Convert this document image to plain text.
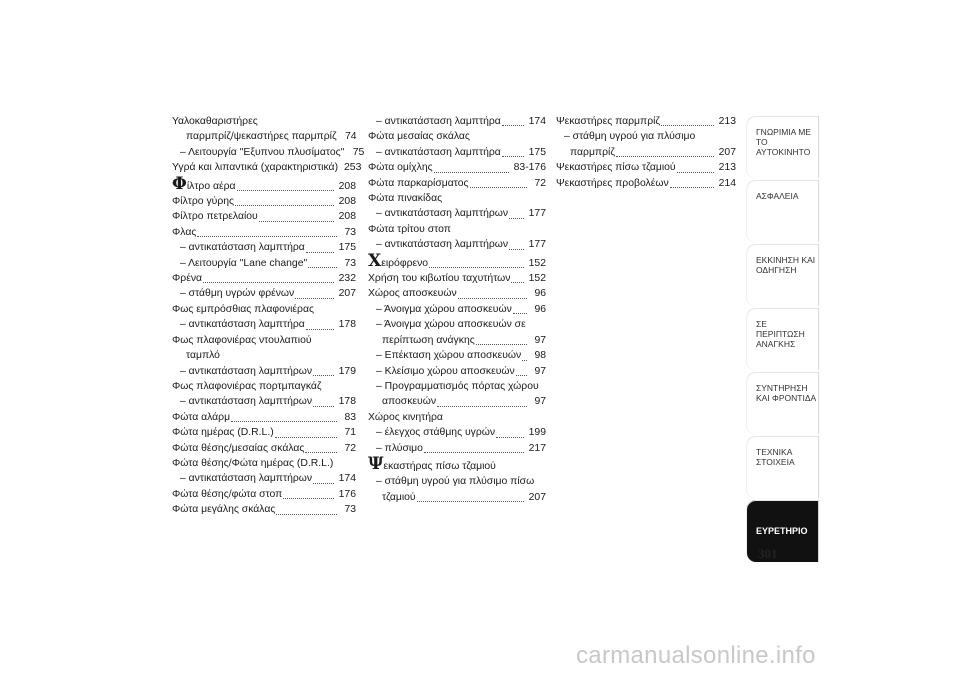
Υαλοκαθαριστήρες
παρμπρίζ/ψεκαστήρες παρμπρίζ 74
– Λειτουργία "Εξυπνου πλυσίματος" 75
Υγρά και λιπαντικά (χαρακτηριστικά) 253
Φίλτρο αέρα	208
Φίλτρο γύρης	208
Φίλτρο πετρελαίου	208
Φλας	73
– αντικατάσταση λαμπτήρα	175
– Λειτουργία "Lane change"	73
Φρένα	232
– στάθμη υγρών φρένων	207
Φως εμπρόσθιας πλαφονιέρας
– αντικατάσταση λαμπτήρα	178
Φως πλαφονιέρας ντουλαπιού
ταμπλό
– αντικατάσταση λαμπτήρων	179
Φως πλαφονιέρας πορτμπαγκάζ
– αντικατάσταση λαμπτήρων	178
Φώτα αλάρμ	83
Φώτα ημέρας (D.R.L.)	71
Φώτα θέσης/μεσαίας σκάλας	72
Φώτα θέσης/Φώτα ημέρας (D.R.L.)
– αντικατάσταση λαμπτήρων	174
Φώτα θέσης/φώτα στοπ	176
Φώτα μεγάλης σκάλας	73
– αντικατάσταση λαμπτήρα	174
Φώτα μεσαίας σκάλας
– αντικατάσταση λαμπτήρα	175
Φώτα ομίχλης	83-176
Φώτα παρκαρίσματος	72
Φώτα πινακίδας
– αντικατάσταση λαμπτήρων 177
Φώτα τρίτου στοπ
– αντικατάσταση λαμπτήρων 177
Χειρόφρενο	152
Χρήση του κιβωτίου ταχυτήτων 152
Χώρος αποσκευών	96
– Άνοιγμα χώρου αποσκευών	96
– Άνοιγμα χώρου αποσκευών σε
περίπτωση ανάγκης	97
– Επέκταση χώρου αποσκευών	98
– Κλείσιμο χώρου αποσκευών	97
– Προγραμματισμός πόρτας χώρου
αποσκευών	97
Χώρος κινητήρα
– έλεγχος στάθμης υγρών	199
– πλύσιμο	217
Ψεκαστήρας πίσω τζαμιού
– στάθμη υγρού για πλύσιμο πίσω
τζαμιού	207
Ψεκαστήρες παρμπρίζ	213
– στάθμη υγρού για πλύσιμο
παρμπρίζ	207
Ψεκαστήρες πίσω τζαμιού	213
Ψεκαστήρες προβολέων	214
ΓΝΩΡΙΜΙΑ ΜΕ ΤΟ ΑΥΤΟΚΙΝΗΤΟ
ΑΣΦΑΛΕΙΑ
ΕΚΚΙΝΗΣΗ ΚΑΙ ΟΔΗΓΗΣΗ
ΣΕ ΠΕΡΙΠΤΩΣΗ ΑΝΑΓΚΗΣ
ΣΥΝΤΗΡΗΣΗ ΚΑΙ ΦΡΟΝΤΙΔΑ
ΤΕΧΝΙΚΑ ΣΤΟΙΧΕΙΑ
ΕΥΡΕΤΗΡΙΟ
301
carmanualsonline.info
